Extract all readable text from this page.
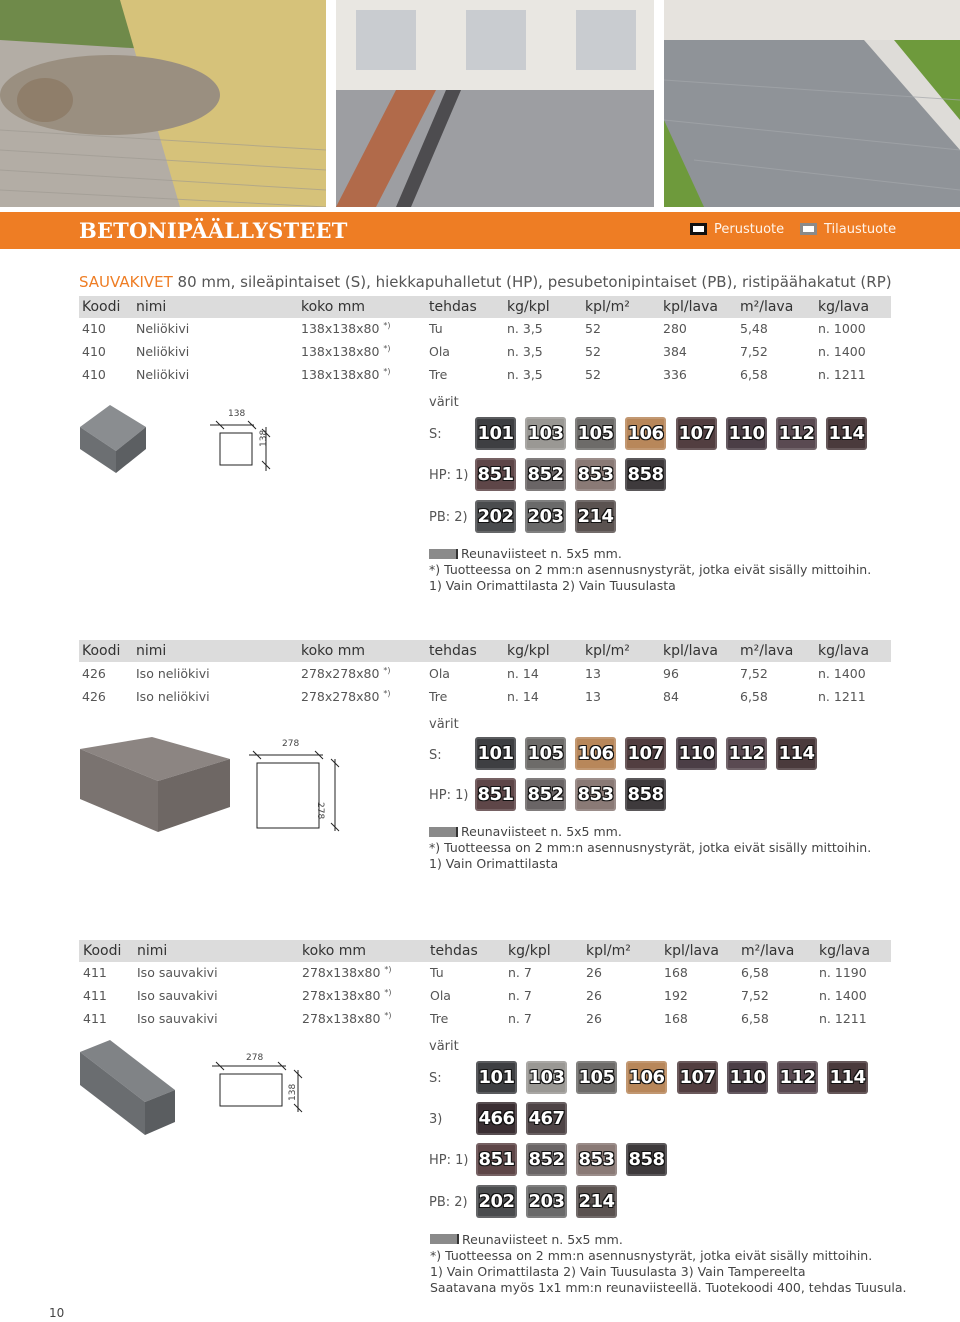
BETONIPÄÄLLYSTEET	Perustuote	Tilaustuote
SAUVAKIVET 80 mm, sileäpintaiset (S), hiekkapuhalletut (HP), pesubetonipintaiset (PB), ristipäähakatut (RP)
Koodi nimi	koko mm	tehdas kg/kpl	kpl/m² kpl/lava m²/lava kg/lava
410 Neliökivi	138x138x80 *)	Tu	n. 3,5	52	280	5,48	n. 1000
410 Neliökivi	138x138x80 *)	Ola	n. 3,5	52	384	7,52	n. 1400
410 Neliökivi	138x138x80 *)	Tre	n. 3,5	52	336	6,58	n. 1211
138
138
värit
S:
HP: 1)
PB: 2)
101 103 105 106 107 110 112 114
851 852 853 858
202 203 214
Reunaviisteet n. 5x5 mm.
*) Tuotteessa on 2 mm:n asennusnystyrät, jotka eivät sisälly mittoihin.
1) Vain Orimattilasta 2) Vain Tuusulasta
Koodi nimi	koko mm	tehdas kg/kpl	kpl/m² kpl/lava m²/lava kg/lava
426 Iso neliökivi	278x278x80 *)	Ola	n. 14	13	96	7,52	n. 1400
426 Iso neliökivi	278x278x80 *)	Tre	n. 14	13	84	6,58	n. 1211
278
278
värit
S:
HP: 1)
101 105 106 107 110 112 114
851 852 853 858
Reunaviisteet n. 5x5 mm.
*) Tuotteessa on 2 mm:n asennusnystyrät, jotka eivät sisälly mittoihin.
1) Vain Orimattilasta
Koodi nimi	koko mm	tehdas kg/kpl	kpl/m² kpl/lava m²/lava kg/lava
411 Iso sauvakivi	278x138x80 *)	Tu	n. 7	26	168	6,58	n. 1190
411 Iso sauvakivi	278x138x80 *)	Ola	n. 7	26	192	7,52	n. 1400
411 Iso sauvakivi	278x138x80 *)	Tre	n. 7	26	168	6,58	n. 1211
278
138
värit
S:
3)
HP: 1)
PB: 2)
101 103 105 106 107 110 112 114
466 467
851 852 853 858
202 203 214
Reunaviisteet n. 5x5 mm.
*) Tuotteessa on 2 mm:n asennusnystyrät, jotka eivät sisälly mittoihin.
1) Vain Orimattilasta 2) Vain Tuusulasta 3) Vain Tampereelta
Saatavana myös 1x1 mm:n reunaviisteellä. Tuotekoodi 400, tehdas Tuusula.
10
